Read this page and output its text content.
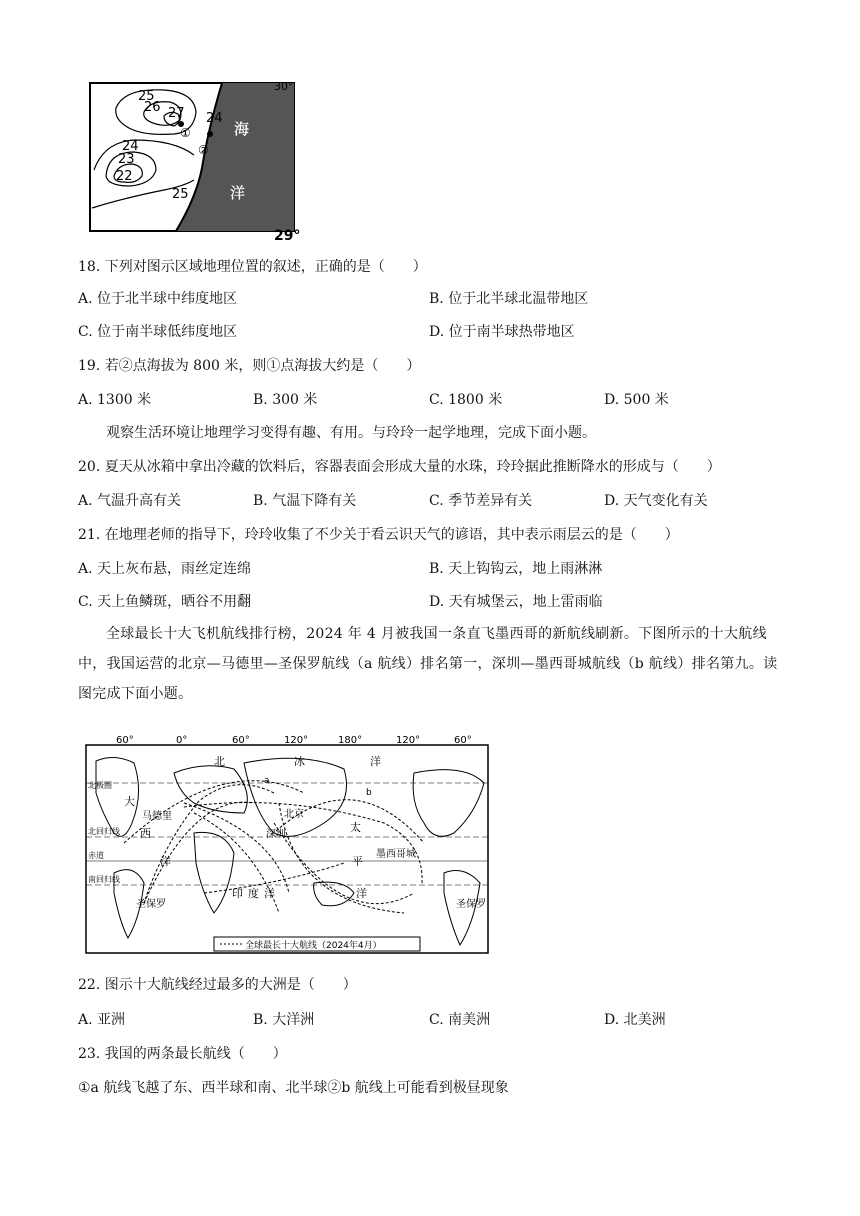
25
26 27 24
24
23
22
25
①
②
海
洋
30°
29°
18. 下列对图示区域地理位置的叙述，正确的是（　　）
A. 位于北半球中纬度地区	B. 位于北半球北温带地区
C. 位于南半球低纬度地区	D. 位于南半球热带地区
19. 若②点海拔为 800 米，则①点海拔大约是（　　）
A. 1300 米	B. 300 米	C. 1800 米	D. 500 米
观察生活环境让地理学习变得有趣、有用。与玲玲一起学地理，完成下面小题。
20. 夏天从冰箱中拿出冷藏的饮料后，容器表面会形成大量的水珠，玲玲据此推断降水的形成与（　　）
A. 气温升高有关	B. 气温下降有关	C. 季节差异有关	D. 天气变化有关
21. 在地理老师的指导下，玲玲收集了不少关于看云识天气的谚语，其中表示雨层云的是（　　）
A. 天上灰布悬，雨丝定连绵	B. 天上钩钩云，地上雨淋淋
C. 天上鱼鳞斑，晒谷不用翻	D. 天有城堡云，地上雷雨临
全球最长十大飞机航线排行榜，2024 年 4 月被我国一条直飞墨西哥的新航线刷新。下图所示的十大航线中，我国运营的北京—马德里—圣保罗航线（a 航线）排名第一，深圳—墨西哥城航线（b 航线）排名第九。读图完成下面小题。
60°	0°	60°	120°	180°	120°	60°
北极圈
北回归线
赤道
南回归线
马德里	北京
深圳
墨西哥城
圣保罗	圣保罗
北	冰	洋
大
西
洋
太
平
洋
印 度 洋
a
b
全球最长十大航线（2024年4月）
22. 图示十大航线经过最多的大洲是（　　）
A. 亚洲	B. 大洋洲	C. 南美洲	D. 北美洲
23. 我国的两条最长航线（　　）
①a 航线飞越了东、西半球和南、北半球②b 航线上可能看到极昼现象
